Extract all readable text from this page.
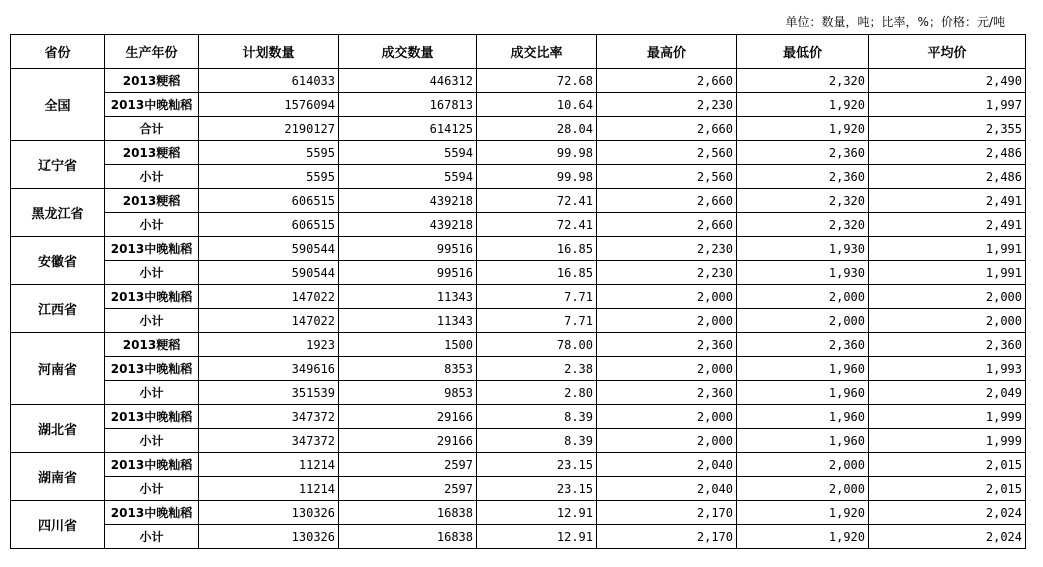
单位：数量，吨；比率，%；价格：元/吨
省份	生产年份	计划数量	成交数量	成交比率	最高价	最低价	平均价
全国	2013粳稻	614033	446312	72.68	2,660	2,320	2,490
	2013中晚籼稻	1576094	167813	10.64	2,230	1,920	1,997
	合计	2190127	614125	28.04	2,660	1,920	2,355
辽宁省	2013粳稻	5595	5594	99.98	2,560	2,360	2,486
	小计	5595	5594	99.98	2,560	2,360	2,486
黑龙江省	2013粳稻	606515	439218	72.41	2,660	2,320	2,491
	小计	606515	439218	72.41	2,660	2,320	2,491
安徽省	2013中晚籼稻	590544	99516	16.85	2,230	1,930	1,991
	小计	590544	99516	16.85	2,230	1,930	1,991
江西省	2013中晚籼稻	147022	11343	7.71	2,000	2,000	2,000
	小计	147022	11343	7.71	2,000	2,000	2,000
河南省	2013粳稻	1923	1500	78.00	2,360	2,360	2,360
	2013中晚籼稻	349616	8353	2.38	2,000	1,960	1,993
	小计	351539	9853	2.80	2,360	1,960	2,049
湖北省	2013中晚籼稻	347372	29166	8.39	2,000	1,960	1,999
	小计	347372	29166	8.39	2,000	1,960	1,999
湖南省	2013中晚籼稻	11214	2597	23.15	2,040	2,000	2,015
	小计	11214	2597	23.15	2,040	2,000	2,015
四川省	2013中晚籼稻	130326	16838	12.91	2,170	1,920	2,024
	小计	130326	16838	12.91	2,170	1,920	2,024
